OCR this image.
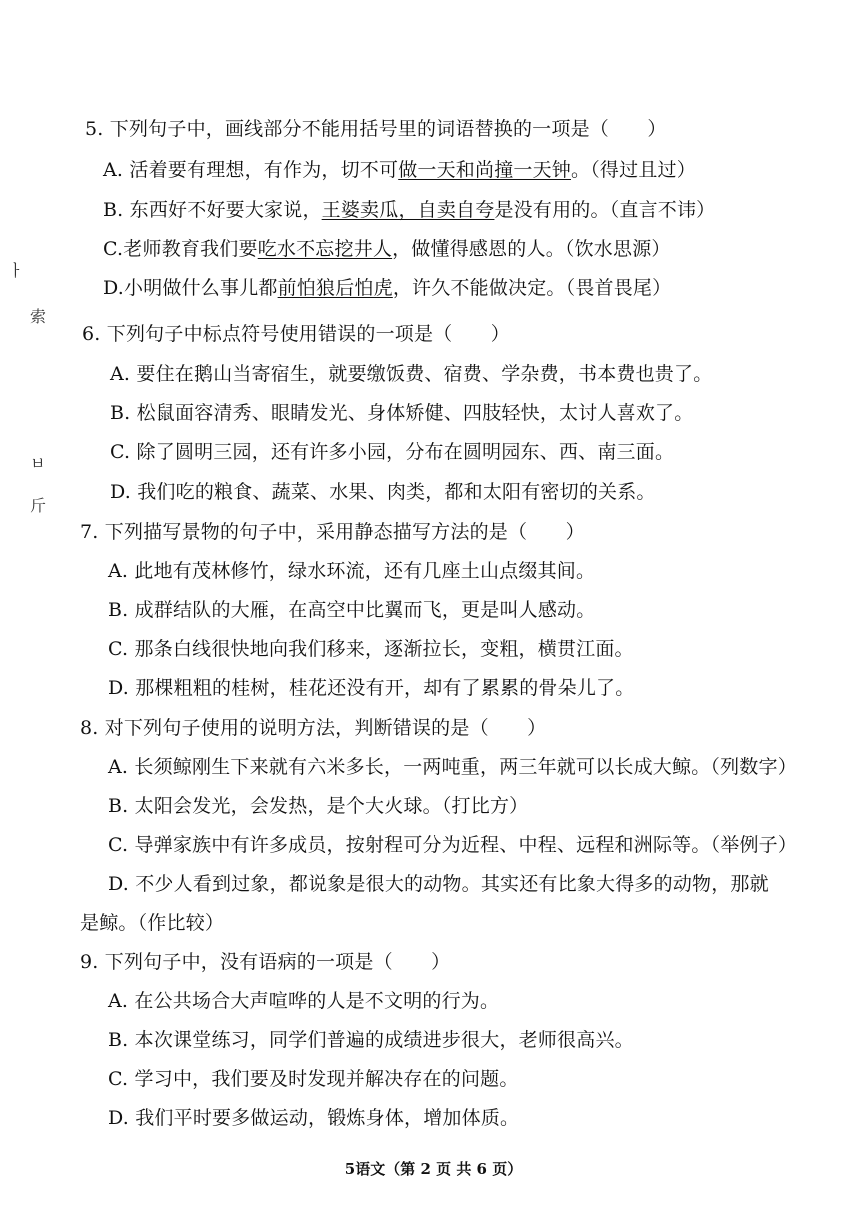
ㅏ
索
ㅂ
斤
5. 下列句子中，画线部分不能用括号里的词语替换的一项是（　　）
A. 活着要有理想，有作为，切不可做一天和尚撞一天钟。（得过且过）
B. 东西好不好要大家说，王婆卖瓜，自卖自夸是没有用的。（直言不讳）
C.老师教育我们要吃水不忘挖井人，做懂得感恩的人。（饮水思源）
D.小明做什么事儿都前怕狼后怕虎，许久不能做决定。（畏首畏尾）
6. 下列句子中标点符号使用错误的一项是（　　）
A. 要住在鹅山当寄宿生，就要缴饭费、宿费、学杂费，书本费也贵了。
B. 松鼠面容清秀、眼睛发光、身体矫健、四肢轻快，太讨人喜欢了。
C. 除了圆明三园，还有许多小园，分布在圆明园东、西、南三面。
D. 我们吃的粮食、蔬菜、水果、肉类，都和太阳有密切的关系。
7. 下列描写景物的句子中，采用静态描写方法的是（　　）
A. 此地有茂林修竹，绿水环流，还有几座土山点缀其间。
B. 成群结队的大雁，在高空中比翼而飞，更是叫人感动。
C. 那条白线很快地向我们移来，逐渐拉长，变粗，横贯江面。
D. 那棵粗粗的桂树，桂花还没有开，却有了累累的骨朵儿了。
8. 对下列句子使用的说明方法，判断错误的是（　　）
A. 长须鲸刚生下来就有六米多长，一两吨重，两三年就可以长成大鲸。（列数字）
B. 太阳会发光，会发热，是个大火球。（打比方）
C. 导弹家族中有许多成员，按射程可分为近程、中程、远程和洲际等。（举例子）
D. 不少人看到过象，都说象是很大的动物。其实还有比象大得多的动物，那就
是鲸。（作比较）
9. 下列句子中，没有语病的一项是（　　）
A. 在公共场合大声喧哗的人是不文明的行为。
B. 本次课堂练习，同学们普遍的成绩进步很大，老师很高兴。
C. 学习中，我们要及时发现并解决存在的问题。
D. 我们平时要多做运动，锻炼身体，增加体质。
5语文（第 2 页 共 6 页）
